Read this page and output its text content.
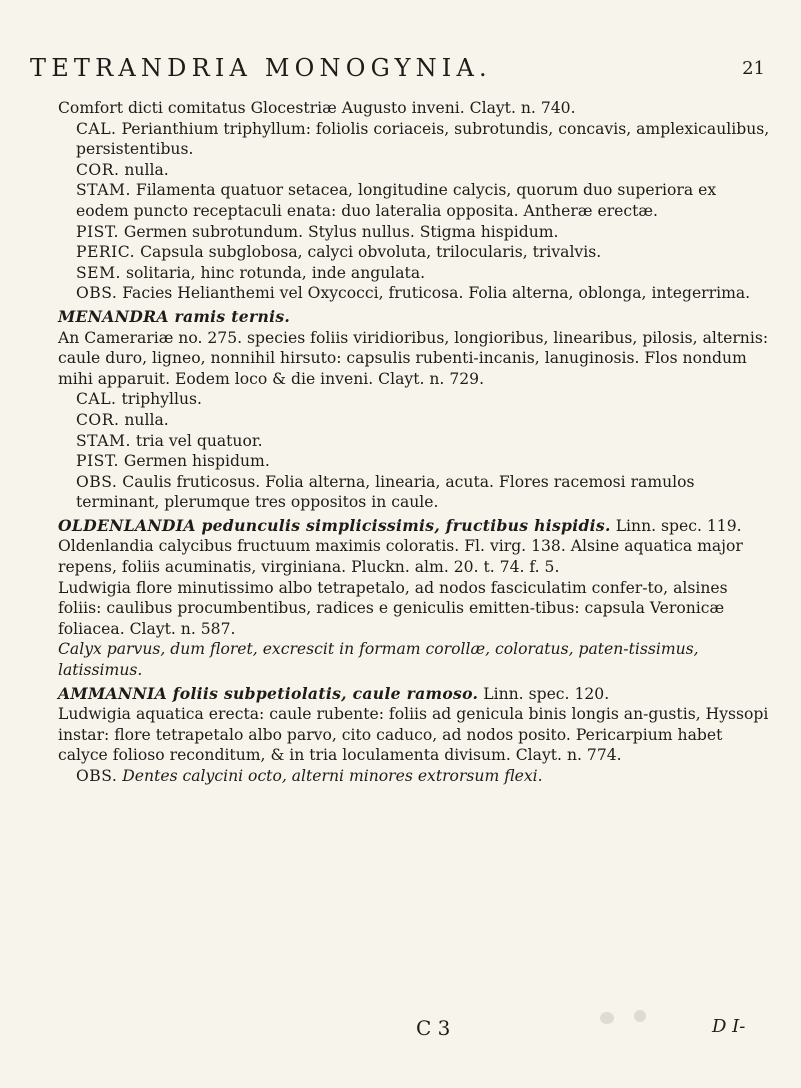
TETRANDRIA MONOGYNIA.	21

Comfort dicti comitatus Glocestriæ Augusto inveni. Clayt. n. 740.

CAL. Perianthium triphyllum: foliolis coriaceis, subrotundis, concavis, amplexicaulibus, persistentibus.

COR. nulla.

STAM. Filamenta quatuor setacea, longitudine calycis, quorum duo superiora ex eodem puncto receptaculi enata: duo lateralia opposita. Antheræ erectæ.

PIST. Germen subrotundum. Stylus nullus. Stigma hispidum.

PERIC. Capsula subglobosa, calyci obvoluta, trilocularis, trivalvis.

SEM. solitaria, hinc rotunda, inde angulata.

OBS. Facies Helianthemi vel Oxycocci, fruticosa. Folia alterna, oblonga, integerrima.

MENANDRA ramis ternis.

An Camerariæ no. 275. species foliis viridioribus, longioribus, linearibus, pilosis, alternis: caule duro, ligneo, nonnihil hirsuto: capsulis rubenti-incanis, lanuginosis. Flos nondum mihi apparuit. Eodem loco & die inveni. Clayt. n. 729.

CAL. triphyllus.

COR. nulla.

STAM. tria vel quatuor.

PIST. Germen hispidum.

OBS. Caulis fruticosus. Folia alterna, linearia, acuta. Flores racemosi ramulos terminant, plerumque tres oppositos in caule.

OLDENLANDIA pedunculis simplicissimis, fructibus hispidis. Linn. spec. 119.

Oldenlandia calycibus fructuum maximis coloratis. Fl. virg. 138. Alsine aquatica major repens, foliis acuminatis, virginiana. Pluckn. alm. 20. t. 74. f. 5.

Ludwigia flore minutissimo albo tetrapetalo, ad nodos fasciculatim confer-to, alsines foliis: caulibus procumbentibus, radices e geniculis emitten-tibus: capsula Veronicæ foliacea. Clayt. n. 587.

Calyx parvus, dum floret, excrescit in formam corollæ, coloratus, paten-tissimus, latissimus.

AMMANNIA foliis subpetiolatis, caule ramoso. Linn. spec. 120.

Ludwigia aquatica erecta: caule rubente: foliis ad genicula binis longis an-gustis, Hyssopi instar: flore tetrapetalo albo parvo, cito caduco, ad nodos posito. Pericarpium habet calyce folioso reconditum, & in tria loculamenta divisum. Clayt. n. 774.

OBS. Dentes calycini octo, alterni minores extrorsum flexi.

C 3	D I-
